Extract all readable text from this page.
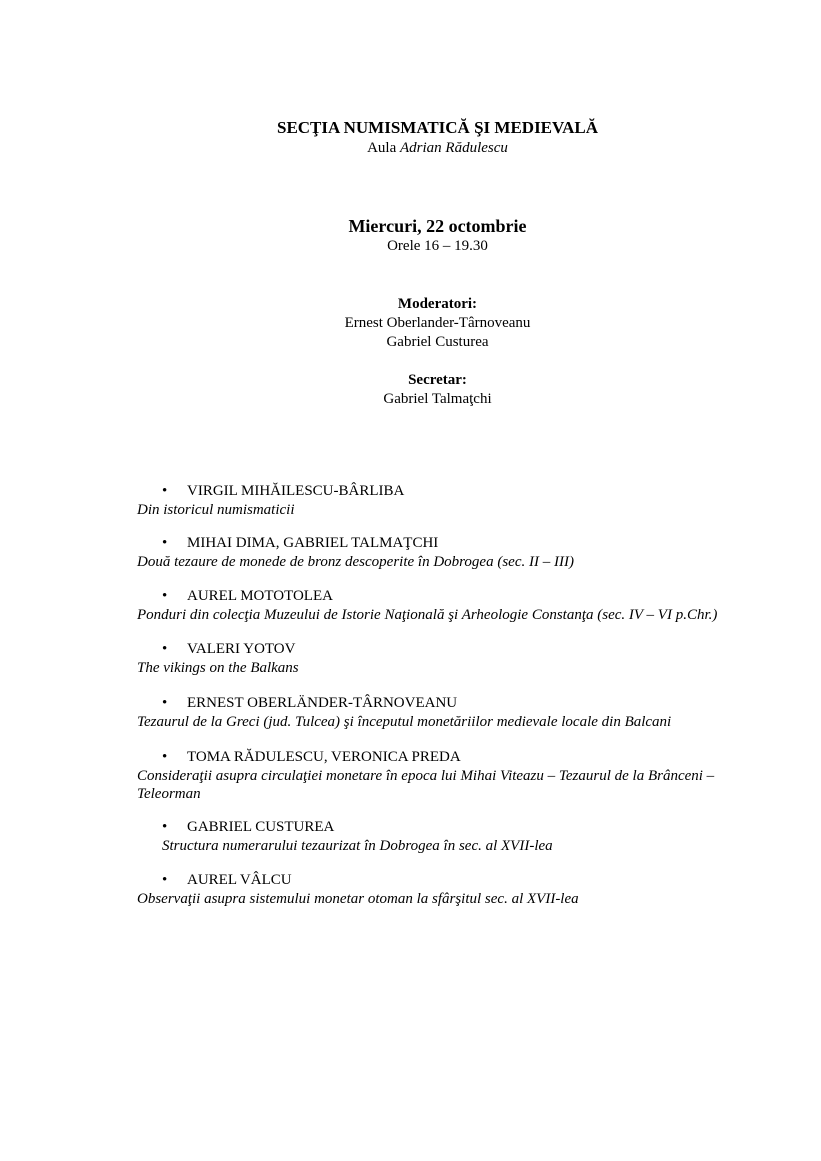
SECŢIA NUMISMATICĂ ŞI MEDIEVALĂ
Aula Adrian Rădulescu
Miercuri, 22 octombrie
Orele 16 – 19.30
Moderatori:
Ernest Oberlander-Târnoveanu
Gabriel Custurea
Secretar:
Gabriel Talmaţchi
• VIRGIL MIHĂILESCU-BÂRLIBA
Din istoricul numismaticii
• MIHAI DIMA, GABRIEL TALMAŢCHI
Două tezaure de monede de bronz descoperite în Dobrogea (sec. II – III)
• AUREL MOTOTOLEA
Ponduri din colecţia Muzeului de Istorie Naţională şi Arheologie Constanţa (sec. IV – VI p.Chr.)
• VALERI YOTOV
The vikings on the Balkans
• ERNEST OBERLÄNDER-TÂRNOVEANU
Tezaurul de la Greci (jud. Tulcea) şi începutul monetăriilor medievale locale din Balcani
• TOMA RĂDULESCU, VERONICA PREDA
Consideraţii asupra circulaţiei monetare în epoca lui Mihai Viteazu – Tezaurul de la Brânceni – Teleorman
• GABRIEL CUSTUREA
Structura numerarului tezaurizat în Dobrogea în sec. al XVII-lea
• AUREL VÂLCU
Observaţii asupra sistemului monetar otoman la sfârşitul sec. al XVII-lea
